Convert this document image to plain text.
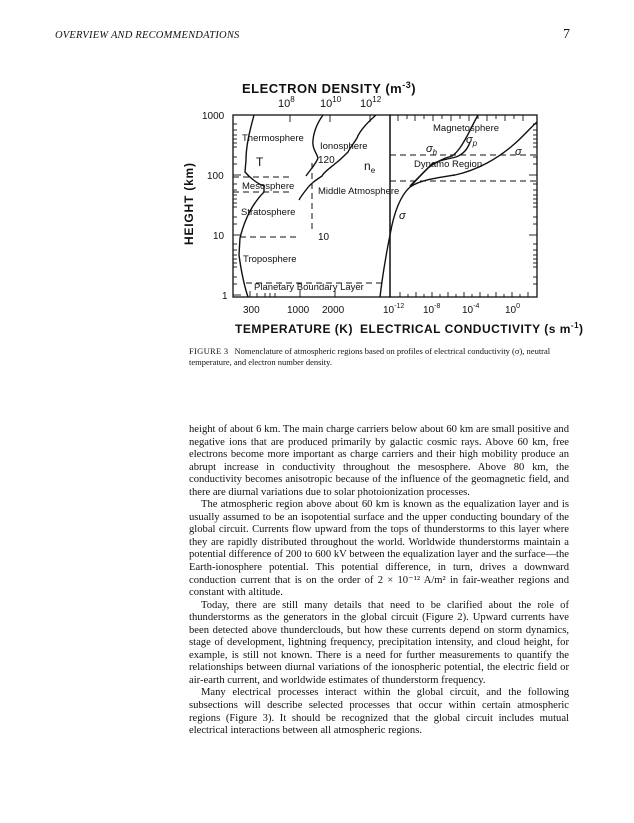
OVERVIEW AND RECOMMENDATIONS	7
ELECTRON DENSITY $(m^{-3})$
$10^8$ $10^{10}$ $10^{12}$
1000
100
10
1
HEIGHT (km)
Thermosphere
T
Mesosphere
Stratosphere
Troposphere
Planetary Boundary Layer
Ionosphere
120 $n_e$
Middle Atmosphere
10
Magnetosphere
$\sigma_h$
$\sigma_p$
σ
Dynamo Region
σ
300	1000 2000	$10^{-12}$ $10^{-8}$ $10^{-4}$	$10^0$
TEMPERATURE (K) ELECTRICAL CONDUCTIVITY (s $m^{-1}$)
FIGURE 3 Nomenclature of atmospheric regions based on profiles of electrical conductivity (σ), neutral temperature, and electron number density.

height of about 6 km. The main charge carriers below about 60 km are small positive and negative ions that are produced primarily by galactic cosmic rays. Above 60 km, free electrons become more important as charge carriers and their high mobility produce an abrupt increase in conductivity throughout the mesosphere. Above 80 km, the conductivity becomes anisotropic because of the influence of the geomagnetic field, and there are diurnal variations due to solar photoionization processes.

The atmospheric region above about 60 km is known as the equalization layer and is usually assumed to be an isopotential surface and the upper conducting boundary of the global circuit. Currents flow upward from the tops of thunderstorms to this layer where they are rapidly distributed throughout the world. Worldwide thunderstorms maintain a potential difference of 200 to 600 kV between the equalization layer and the surface—the Earth-ionosphere potential. This potential difference, in turn, drives a downward conduction current that is on the order of 2 × 10⁻¹² A/m² in fair-weather regions and constant with altitude.

Today, there are still many details that need to be clarified about the role of thunderstorms as the generators in the global circuit (Figure 2). Upward currents have been detected above thunderclouds, but how these currents depend on storm dynamics, stage of development, lightning frequency, precipitation intensity, and cloud height, for example, is still not known. There is a need for further measurements to quantify the relationships between diurnal variations of the ionospheric potential, the electric field or air-earth current, and worldwide estimates of thunderstorm frequency.

Many electrical processes interact within the global circuit, and the following subsections will describe selected processes that occur within certain atmospheric regions (Figure 3). It should be recognized that the global circuit includes mutual electrical interactions between all atmospheric regions.
